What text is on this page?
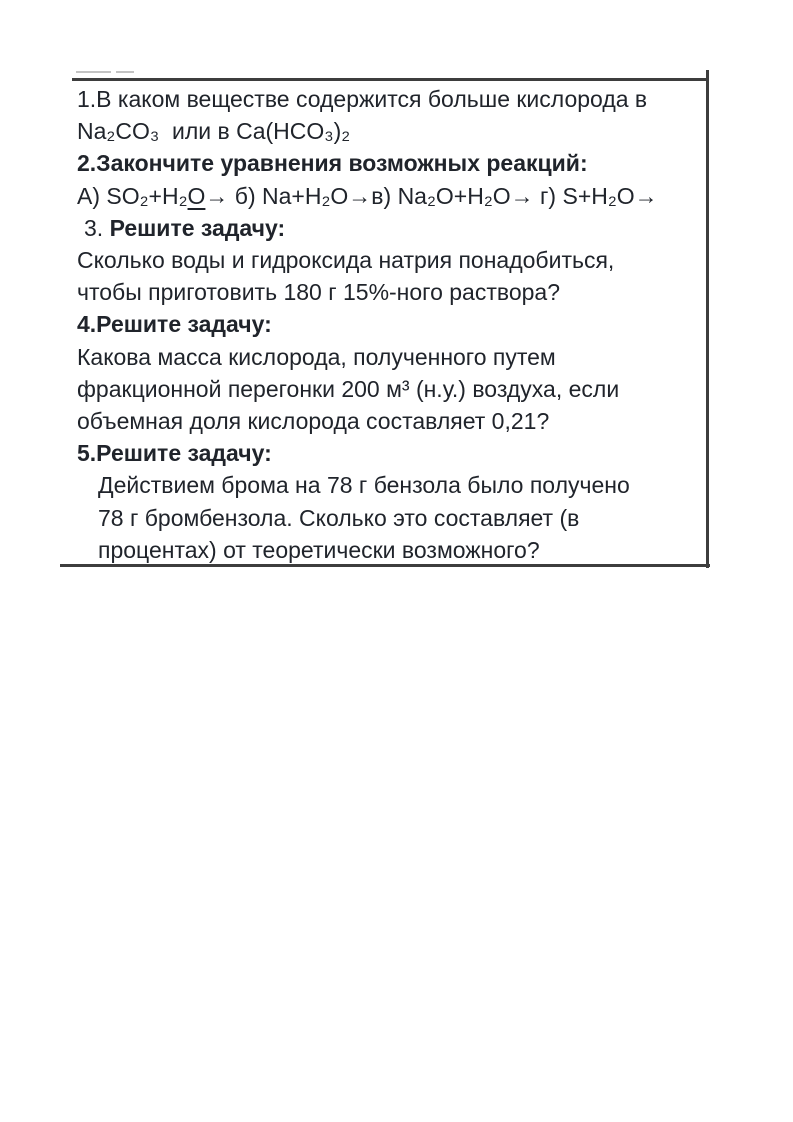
1.В каком веществе содержится больше кислорода в
Na₂CO₃  или в Ca(HCO₃)₂
2.Закончите уравнения возможных реакций:
А) SO₂+H₂O→ б) Na+H₂O→в) Na₂O+H₂O→ г) S+H₂O→
3. Решите задачу:
Сколько воды и гидроксида натрия понадобиться,
чтобы приготовить 180 г 15%-ного раствора?
4.Решите задачу:
Какова масса кислорода, полученного путем
фракционной перегонки 200 м³ (н.у.) воздуха, если
объемная доля кислорода составляет 0,21?
5.Решите задачу:
Действием брома на 78 г бензола было получено
78 г бромбензола. Сколько это составляет (в
процентах) от теоретически возможного?
